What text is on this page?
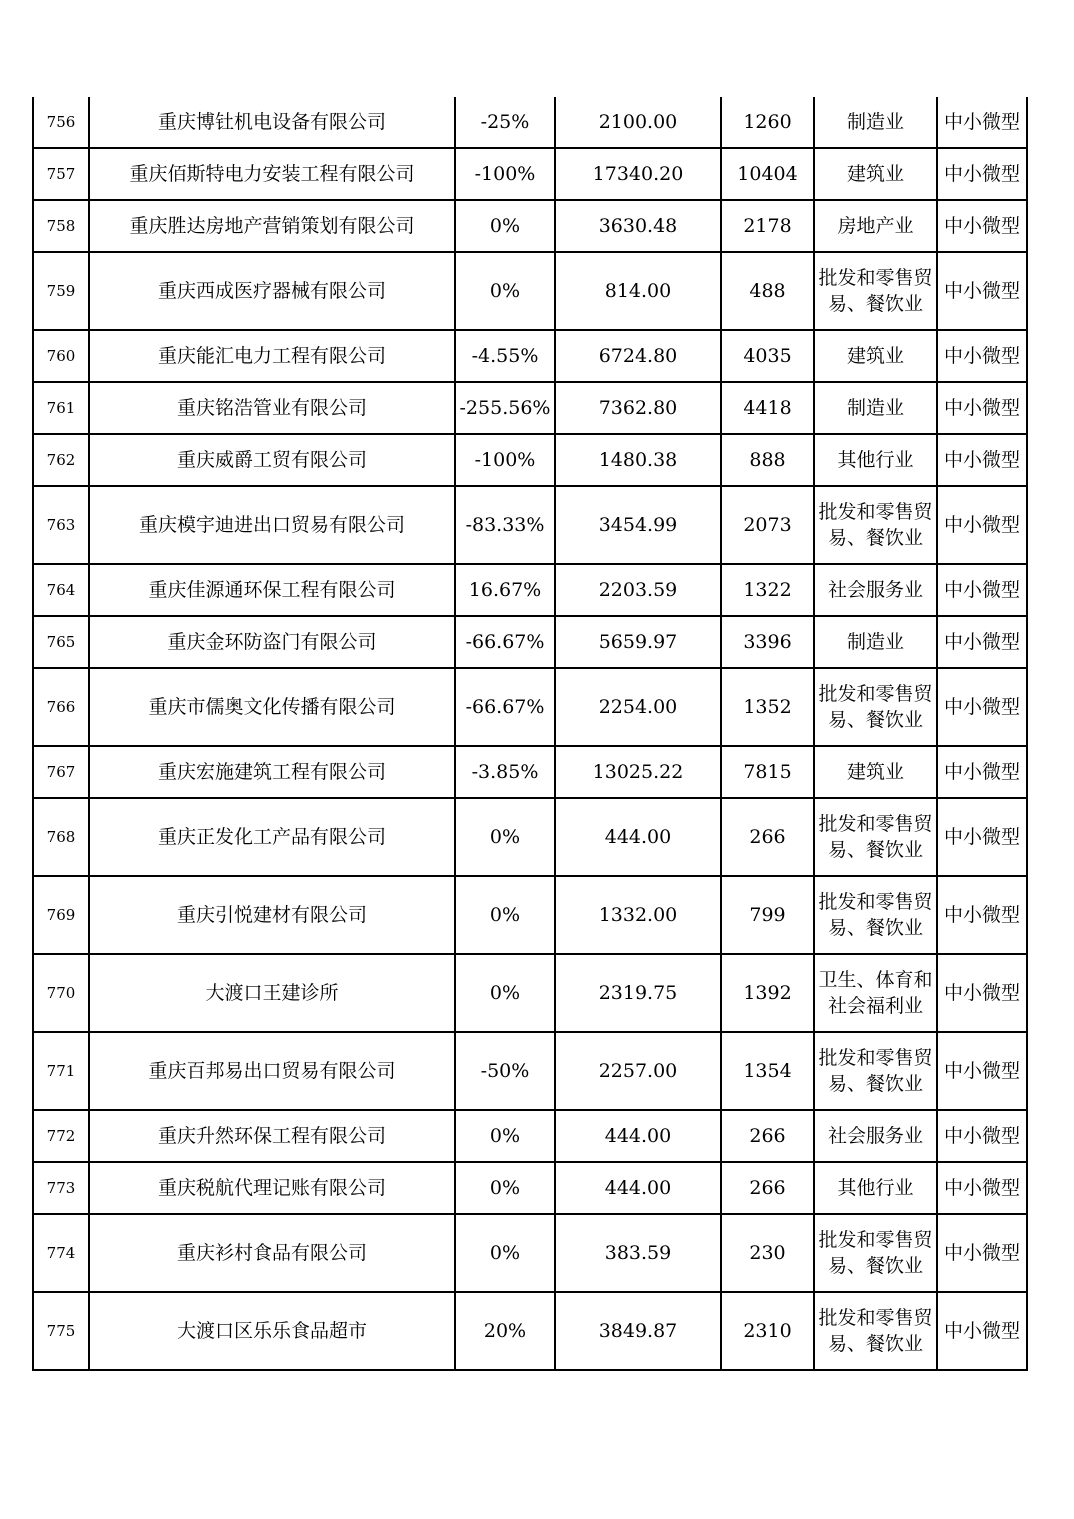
756	重庆博钍机电设备有限公司	-25%	2100.00	1260	制造业	中小微型
757	重庆佰斯特电力安装工程有限公司	-100%	17340.20	10404	建筑业	中小微型
758	重庆胜达房地产营销策划有限公司	0%	3630.48	2178	房地产业	中小微型
759	重庆西成医疗器械有限公司	0%	814.00	488	批发和零售贸易、餐饮业	中小微型
760	重庆能汇电力工程有限公司	-4.55%	6724.80	4035	建筑业	中小微型
761	重庆铭浩管业有限公司	-255.56%	7362.80	4418	制造业	中小微型
762	重庆威爵工贸有限公司	-100%	1480.38	888	其他行业	中小微型
763	重庆模宇迪进出口贸易有限公司	-83.33%	3454.99	2073	批发和零售贸易、餐饮业	中小微型
764	重庆佳源通环保工程有限公司	16.67%	2203.59	1322	社会服务业	中小微型
765	重庆金环防盗门有限公司	-66.67%	5659.97	3396	制造业	中小微型
766	重庆市儒奥文化传播有限公司	-66.67%	2254.00	1352	批发和零售贸易、餐饮业	中小微型
767	重庆宏施建筑工程有限公司	-3.85%	13025.22	7815	建筑业	中小微型
768	重庆正发化工产品有限公司	0%	444.00	266	批发和零售贸易、餐饮业	中小微型
769	重庆引悦建材有限公司	0%	1332.00	799	批发和零售贸易、餐饮业	中小微型
770	大渡口王建诊所	0%	2319.75	1392	卫生、体育和社会福利业	中小微型
771	重庆百邦易出口贸易有限公司	-50%	2257.00	1354	批发和零售贸易、餐饮业	中小微型
772	重庆升然环保工程有限公司	0%	444.00	266	社会服务业	中小微型
773	重庆税航代理记账有限公司	0%	444.00	266	其他行业	中小微型
774	重庆衫村食品有限公司	0%	383.59	230	批发和零售贸易、餐饮业	中小微型
775	大渡口区乐乐食品超市	20%	3849.87	2310	批发和零售贸易、餐饮业	中小微型
